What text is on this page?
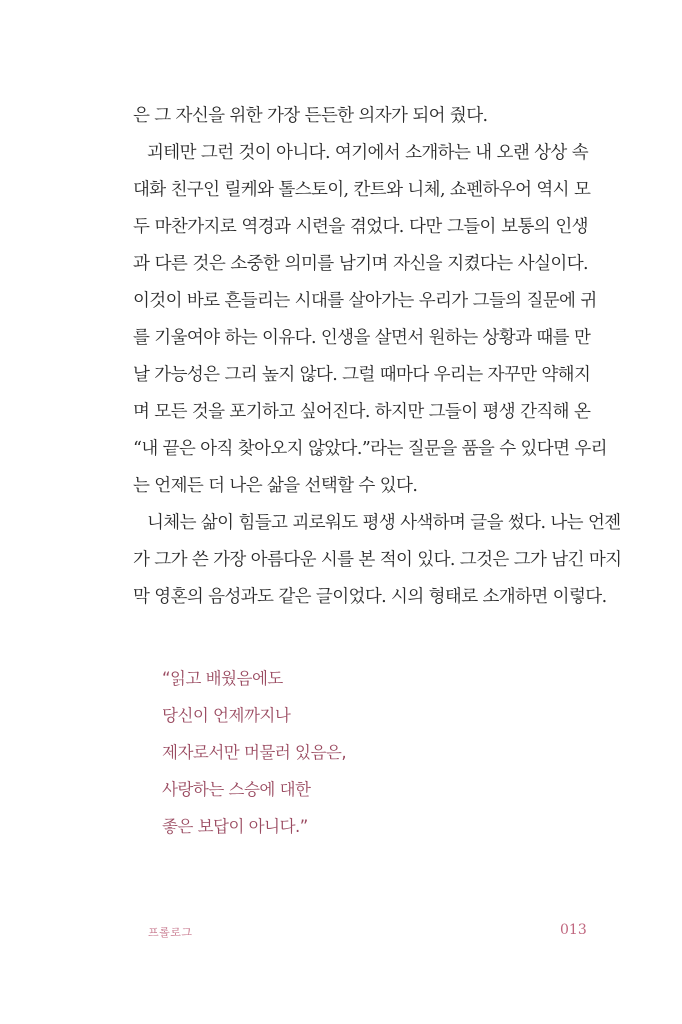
은 그 자신을 위한 가장 든든한 의자가 되어 줬다.
괴테만 그런 것이 아니다. 여기에서 소개하는 내 오랜 상상 속
대화 친구인 릴케와 톨스토이, 칸트와 니체, 쇼펜하우어 역시 모
두 마찬가지로 역경과 시련을 겪었다. 다만 그들이 보통의 인생
과 다른 것은 소중한 의미를 남기며 자신을 지켰다는 사실이다.
이것이 바로 흔들리는 시대를 살아가는 우리가 그들의 질문에 귀
를 기울여야 하는 이유다. 인생을 살면서 원하는 상황과 때를 만
날 가능성은 그리 높지 않다. 그럴 때마다 우리는 자꾸만 약해지
며 모든 것을 포기하고 싶어진다. 하지만 그들이 평생 간직해 온
“내 끝은 아직 찾아오지 않았다.”라는 질문을 품을 수 있다면 우리
는 언제든 더 나은 삶을 선택할 수 있다.
니체는 삶이 힘들고 괴로워도 평생 사색하며 글을 썼다. 나는 언젠
가 그가 쓴 가장 아름다운 시를 본 적이 있다. 그것은 그가 남긴 마지
막 영혼의 음성과도 같은 글이었다. 시의 형태로 소개하면 이렇다.
“읽고 배웠음에도
당신이 언제까지나
제자로서만 머물러 있음은,
사랑하는 스승에 대한
좋은 보답이 아니다.”
프롤로그	013
